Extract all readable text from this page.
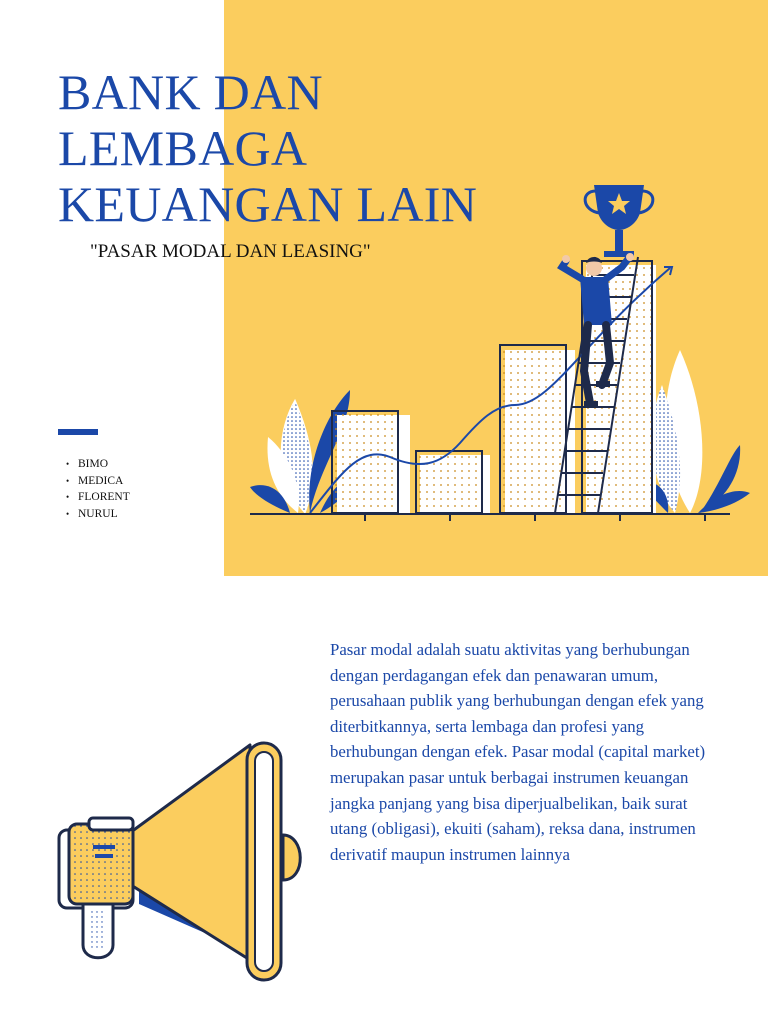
BANK DAN
LEMBAGA
KEUANGAN LAIN
"PASAR MODAL DAN LEASING"
• BIMO
• MEDICA
• FLORENT
• NURUL
Pasar modal adalah suatu aktivitas yang berhubungan dengan perdagangan efek dan penawaran umum, perusahaan publik yang berhubungan dengan efek yang diterbitkannya, serta lembaga dan profesi yang berhubungan dengan efek. Pasar modal (capital market) merupakan pasar untuk berbagai instrumen keuangan jangka panjang yang bisa diperjualbelikan, baik surat utang (obligasi), ekuiti (saham), reksa dana, instrumen derivatif maupun instrumen lainnya
